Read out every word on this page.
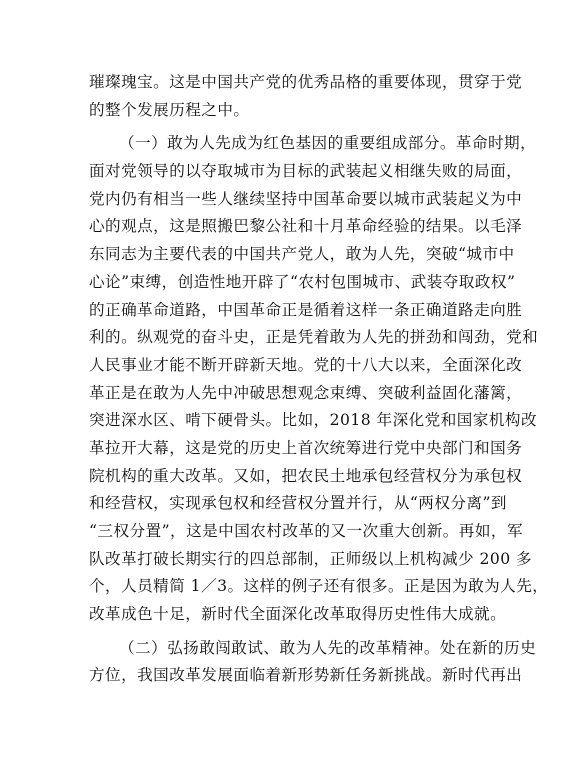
璀璨瑰宝。这是中国共产党的优秀品格的重要体现，贯穿于党
的整个发展历程之中。
（一）敢为人先成为红色基因的重要组成部分。革命时期，
面对党领导的以夺取城市为目标的武装起义相继失败的局面，
党内仍有相当一些人继续坚持中国革命要以城市武装起义为中
心的观点，这是照搬巴黎公社和十月革命经验的结果。以毛泽
东同志为主要代表的中国共产党人，敢为人先，突破“城市中
心论”束缚，创造性地开辟了“农村包围城市、武装夺取政权”
的正确革命道路，中国革命正是循着这样一条正确道路走向胜
利的。纵观党的奋斗史，正是凭着敢为人先的拼劲和闯劲，党和
人民事业才能不断开辟新天地。党的十八大以来，全面深化改
革正是在敢为人先中冲破思想观念束缚、突破利益固化藩篱，
突进深水区、啃下硬骨头。比如，2018 年深化党和国家机构改
革拉开大幕，这是党的历史上首次统筹进行党中央部门和国务
院机构的重大改革。又如，把农民土地承包经营权分为承包权
和经营权，实现承包权和经营权分置并行，从“两权分离”到
“三权分置”，这是中国农村改革的又一次重大创新。再如，军
队改革打破长期实行的四总部制，正师级以上机构减少 200 多
个，人员精简 1／3。这样的例子还有很多。正是因为敢为人先，
改革成色十足，新时代全面深化改革取得历史性伟大成就。
（二）弘扬敢闯敢试、敢为人先的改革精神。处在新的历史
方位，我国改革发展面临着新形势新任务新挑战。新时代再出
